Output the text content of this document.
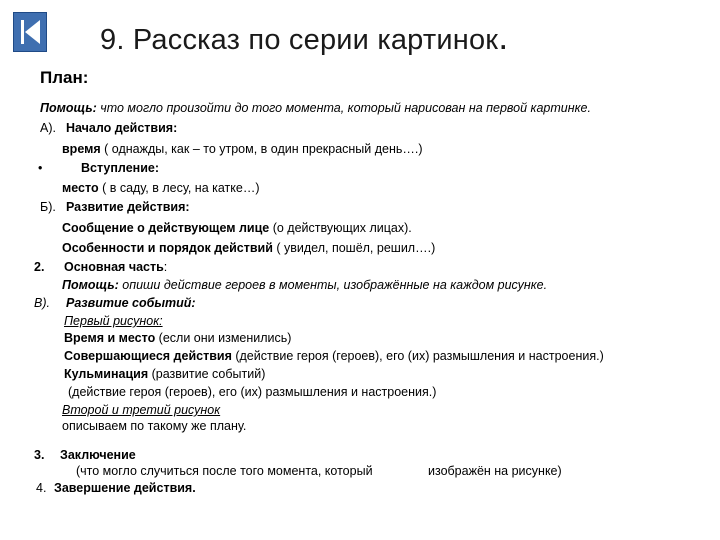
9. Рассказ по серии картинок.
План:
Помощь: что могло произойти до того момента, который нарисован на первой картинке.
А). Начало действия:
время ( однажды, как – то утром, в один прекрасный день….)
•	Вступление:
место ( в саду, в лесу, на катке…)
Б). Развитие действия:
Сообщение о действующем лице (о действующих лицах).
Особенности и порядок действий ( увидел, пошёл, решил….)
2. Основная часть:
Помощь: опиши действие героев в моменты, изображённые на каждом рисунке.
В). Развитие событий:
Первый рисунок:
Время и место (если они изменились)
Совершающиеся действия (действие героя (героев), его (их) размышления и настроения.)
Кульминация (развитие событий)
(действие героя (героев), его (их) размышления и настроения.)
Второй и третий рисунок
описываем по такому же плану.
3. Заключение
(что могло случиться после того момента, который	изображён на рисунке)
4. Завершение действия.
